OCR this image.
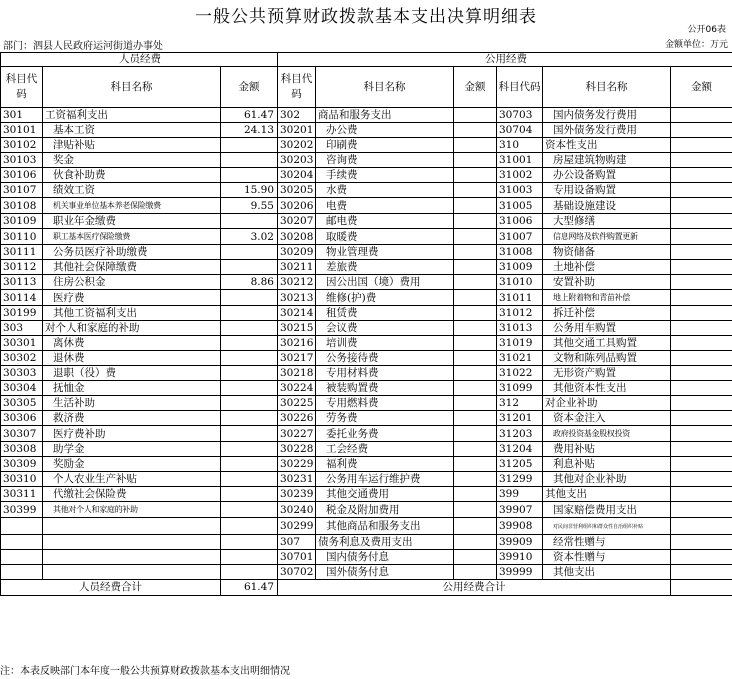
一般公共预算财政拨款基本支出决算明细表
公开06表
部门：泗县人民政府运河街道办事处	金额单位：万元
人员经费			公用经费					
科目代码	科目名称	金额	科目代码	科目名称	金额	科目代码	科目名称	金额
301	工资福利支出	61.47	302	商品和服务支出		30703	国内债务发行费用	
30101	基本工资	24.13	30201	办公费		30704	国外债务发行费用	
30102	津贴补贴		30202	印刷费		310	资本性支出	
30103	奖金		30203	咨询费		31001	房屋建筑物购建	
30106	伙食补助费		30204	手续费		31002	办公设备购置	
30107	绩效工资	15.90	30205	水费		31003	专用设备购置	
30108	机关事业单位基本养老保险缴费	9.55	30206	电费		31005	基础设施建设	
30109	职业年金缴费		30207	邮电费		31006	大型修缮	
30110	职工基本医疗保险缴费	3.02	30208	取暖费		31007	信息网络及软件购置更新	
30111	公务员医疗补助缴费		30209	物业管理费		31008	物资储备	
30112	其他社会保障缴费		30211	差旅费		31009	土地补偿	
30113	住房公积金	8.86	30212	因公出国（境）费用		31010	安置补助	
30114	医疗费		30213	维修(护)费		31011	地上附着物和青苗补偿	
30199	其他工资福利支出		30214	租赁费		31012	拆迁补偿	
303	对个人和家庭的补助		30215	会议费		31013	公务用车购置	
30301	离休费		30216	培训费		31019	其他交通工具购置	
30302	退休费		30217	公务接待费		31021	文物和陈列品购置	
30303	退职（役）费		30218	专用材料费		31022	无形资产购置	
30304	抚恤金		30224	被装购置费		31099	其他资本性支出	
30305	生活补助		30225	专用燃料费		312	对企业补助	
30306	救济费		30226	劳务费		31201	资本金注入	
30307	医疗费补助		30227	委托业务费		31203	政府投资基金股权投资	
30308	助学金		30228	工会经费		31204	费用补贴	
30309	奖励金		30229	福利费		31205	利息补贴	
30310	个人农业生产补贴		30231	公务用车运行维护费		31299	其他对企业补助	
30311	代缴社会保险费		30239	其他交通费用		399	其他支出	
30399	其他对个人和家庭的补助		30240	税金及附加费用		39907	国家赔偿费用支出	
			30299	其他商品和服务支出		39908	对民间非营利组织和群众性自治组织补贴	
			307	债务利息及费用支出		39909	经常性赠与	
			30701	国内债务付息		39910	资本性赠与	
			30702	国外债务付息		39999	其他支出	
人员经费合计		61.47	公用经费合计					
注：本表反映部门本年度一般公共预算财政拨款基本支出明细情况
